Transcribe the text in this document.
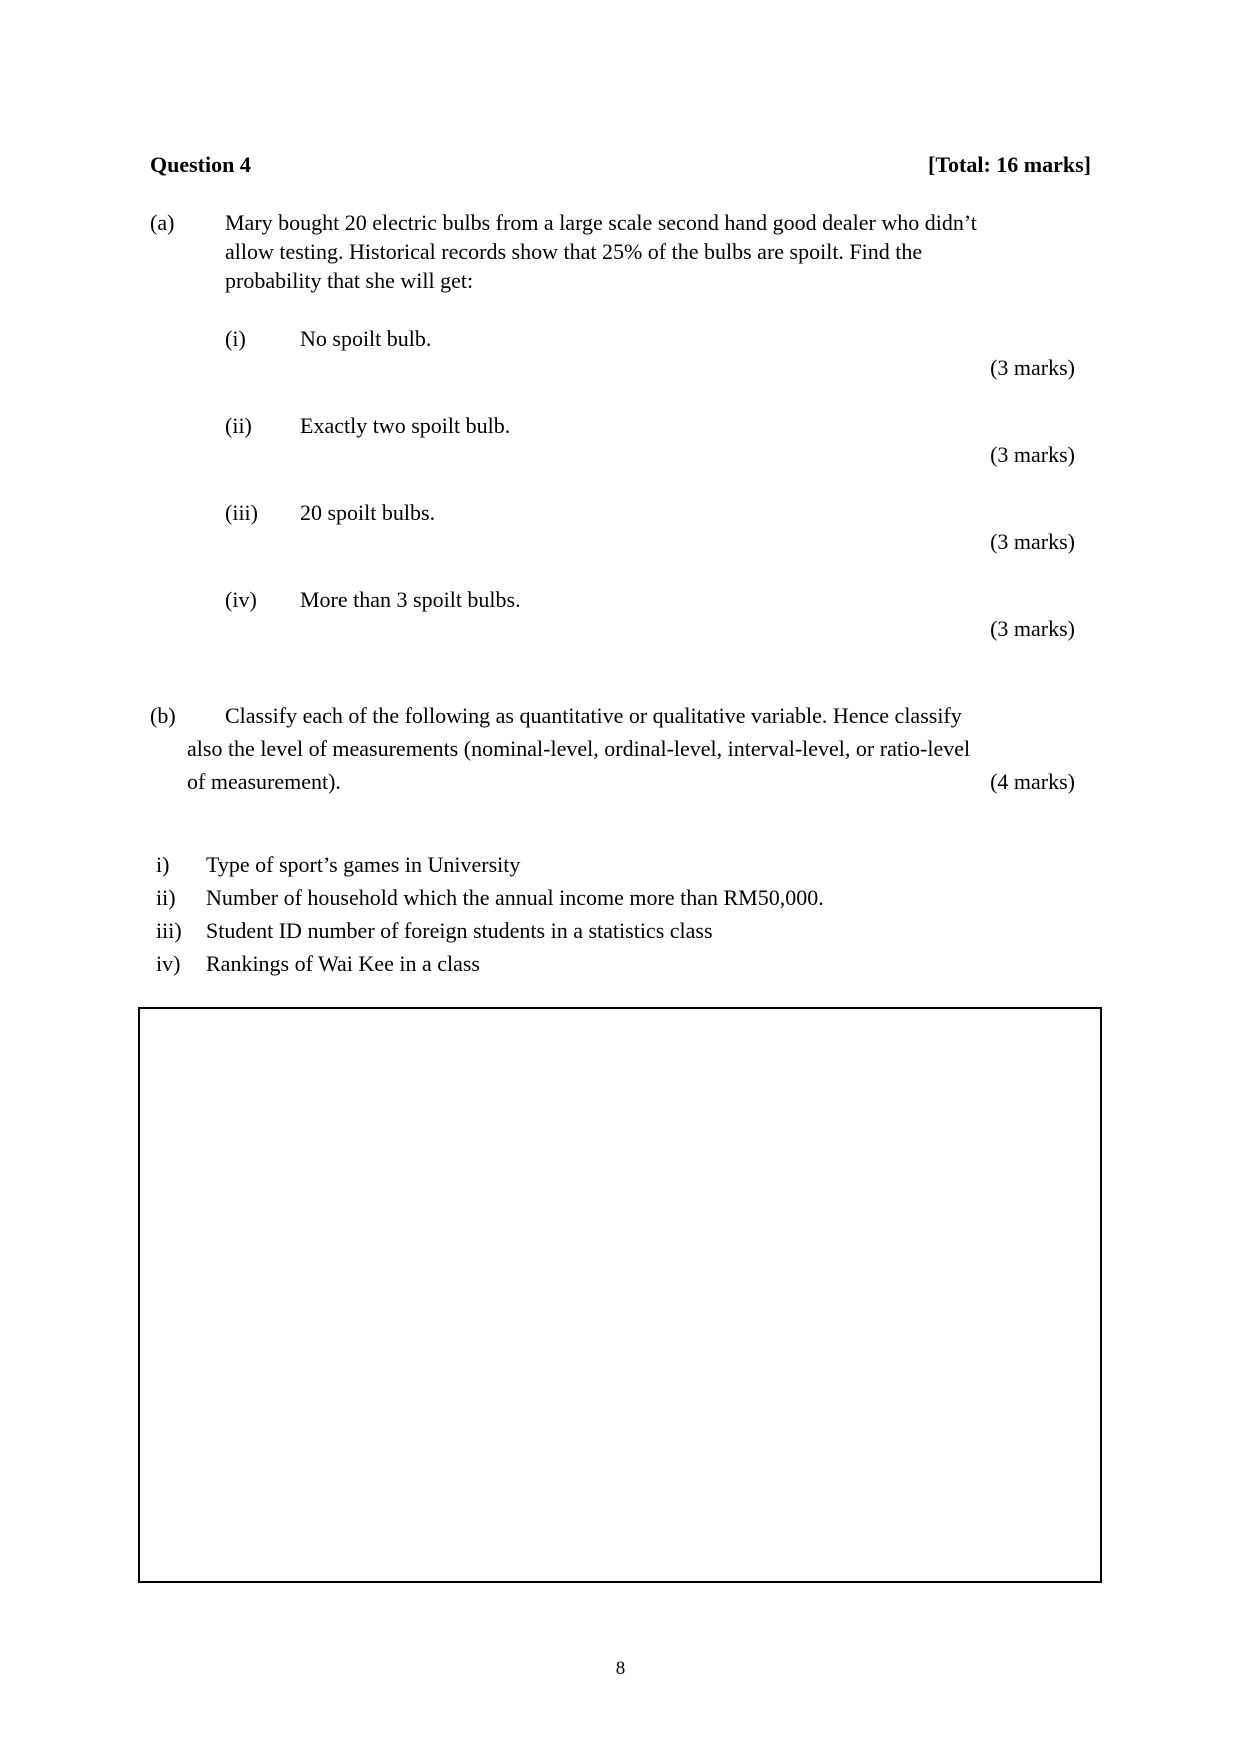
Question 4	[Total: 16 marks]
(a) Mary bought 20 electric bulbs from a large scale second hand good dealer who didn’t
allow testing. Historical records show that 25% of the bulbs are spoilt. Find the
probability that she will get:
(i) No spoilt bulb.
(3 marks)
(ii) Exactly two spoilt bulb.
(3 marks)
(iii) 20 spoilt bulbs.
(3 marks)
(iv) More than 3 spoilt bulbs.
(3 marks)
(b) Classify each of the following as quantitative or qualitative variable. Hence classify
also the level of measurements (nominal-level, ordinal-level, interval-level, or ratio-level
of measurement).	(4 marks)
i) Type of sport’s games in University
ii) Number of household which the annual income more than RM50,000.
iii) Student ID number of foreign students in a statistics class
iv) Rankings of Wai Kee in a class
8
